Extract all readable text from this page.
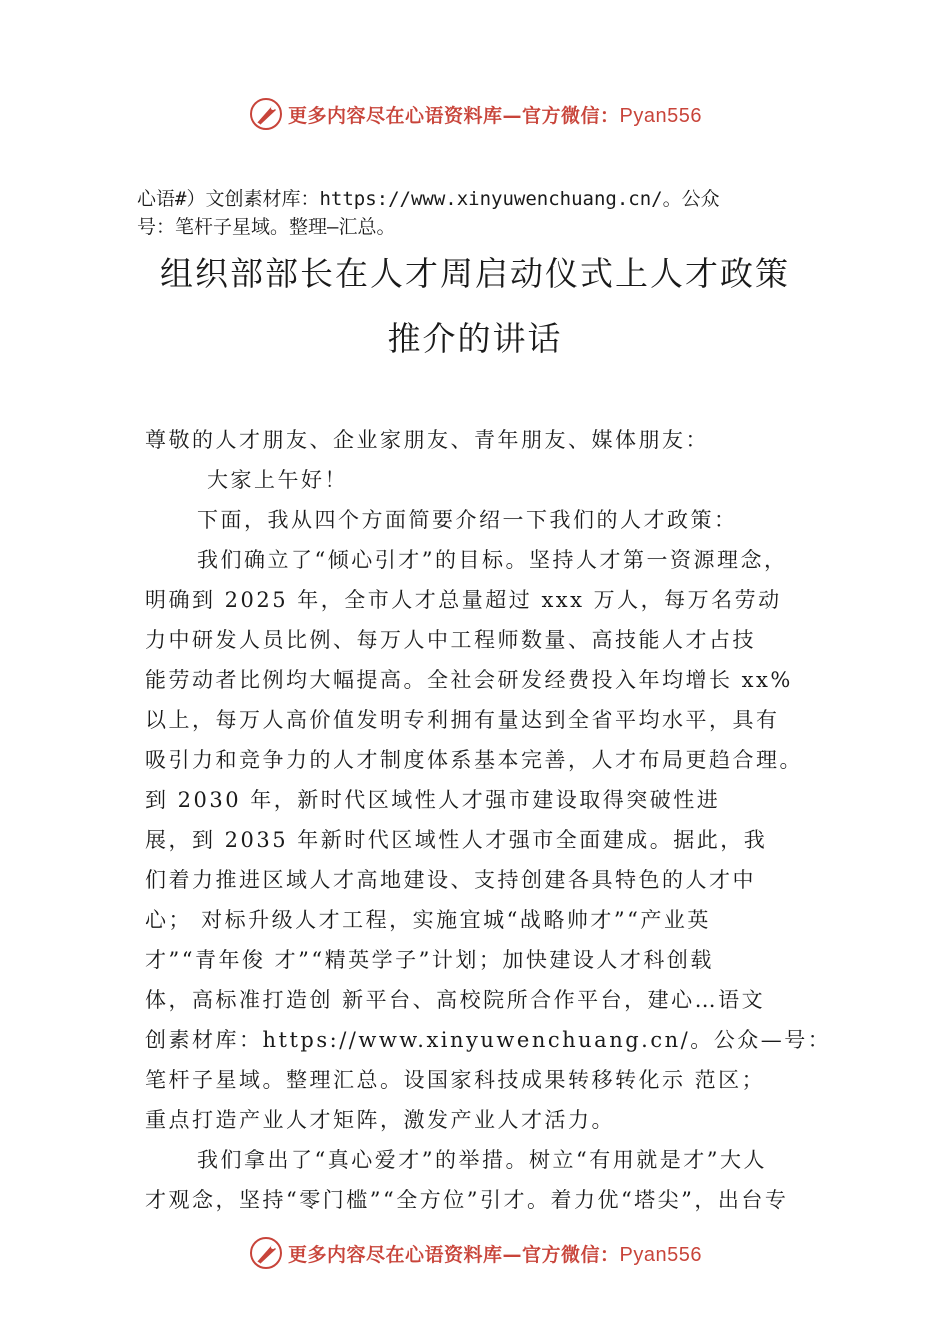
更多内容尽在心语资料库—官方微信：Pyan556
心语#）文创素材库：https://www.xinyuwenchuang.cn/。公众
号：笔杆子星域。整理—汇总。
组织部部长在人才周启动仪式上人才政策
推介的讲话
尊敬的人才朋友、企业家朋友、青年朋友、媒体朋友：
大家上午好！
下面，我从四个方面简要介绍一下我们的人才政策：
我们确立了“倾心引才”的目标。坚持人才第一资源理念，
明确到 2025 年，全市人才总量超过 xxx 万人，每万名劳动
力中研发人员比例、每万人中工程师数量、高技能人才占技
能劳动者比例均大幅提高。全社会研发经费投入年均增长 xx%
以上，每万人高价值发明专利拥有量达到全省平均水平，具有
吸引力和竞争力的人才制度体系基本完善，人才布局更趋合理。
到 2030 年，新时代区域性人才强市建设取得突破性进
展，到 2035 年新时代区域性人才强市全面建成。据此，我
们着力推进区域人才高地建设、支持创建各具特色的人才中
心； 对标升级人才工程，实施宜城“战略帅才”“产业英
才”“青年俊 才”“精英学子”计划；加快建设人才科创载
体，高标准打造创 新平台、高校院所合作平台，建心…语文
创素材库：https://www.xinyuwenchuang.cn/。公众—号：
笔杆子星域。整理汇总。设国家科技成果转移转化示 范区；
重点打造产业人才矩阵，激发产业人才活力。
我们拿出了“真心爱才”的举措。树立“有用就是才”大人
才观念，坚持“零门槛”“全方位”引才。着力优“塔尖”，出台专
更多内容尽在心语资料库—官方微信：Pyan556
